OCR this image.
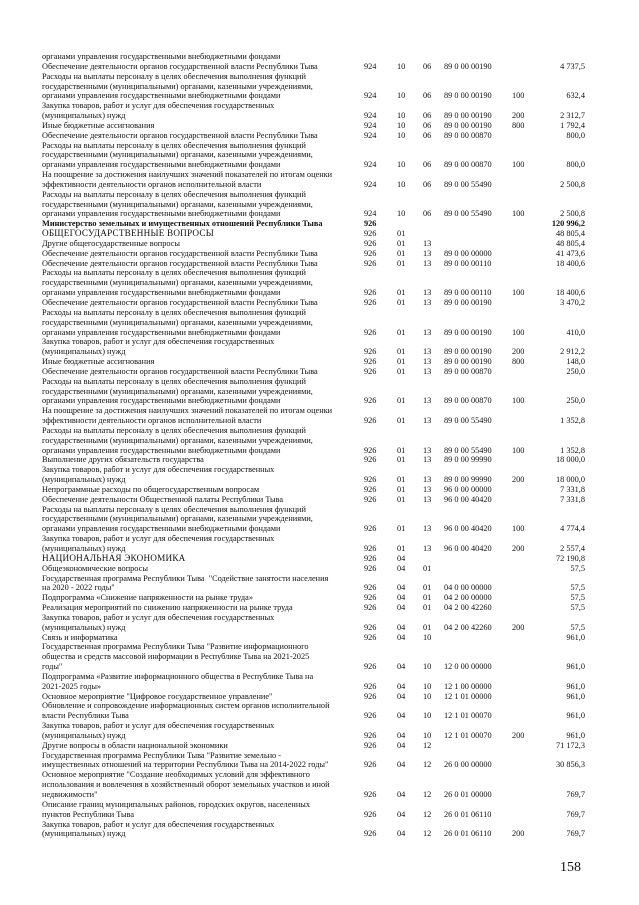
органами управления государственными внебюджетными фондами
Обеспечение деятельности органов государственной власти Республики Тыва	924 10 06 89 0 00 00190	4 737,5
Расходы на выплаты персоналу в целях обеспечения выполнения функций
государственными (муниципальными) органами, казенными учреждениями,
органами управления государственными внебюджетными фондами	924 10 06 89 0 00 00190 100	632,4
Закупка товаров, работ и услуг для обеспечения государственных
(муниципальных) нужд	924 10 06 89 0 00 00190 200	2 312,7
Иные бюджетные ассигнования	924 10 06 89 0 00 00190 800	1 792,4
Обеспечение деятельности органов государственной власти Республики Тыва	924 10 06 89 0 00 00870	800,0
Расходы на выплаты персоналу в целях обеспечения выполнения функций
государственными (муниципальными) органами, казенными учреждениями,
органами управления государственными внебюджетными фондами	924 10 06 89 0 00 00870 100	800,0
На поощрение за достижения наилучших значений показателей по итогам оценки
эффективности деятельности органов исполнительной власти	924 10 06 89 0 00 55490	2 500,8
Расходы на выплаты персоналу в целях обеспечения выполнения функций
государственными (муниципальными) органами, казенными учреждениями,
органами управления государственными внебюджетными фондами	924 10 06 89 0 00 55490 100	2 500,8
Министерство земельных и имущественных отношений Республики Тыва	926	120 996,2
ОБЩЕГОСУДАРСТВЕННЫЕ ВОПРОСЫ	926 01	48 805,4
Другие общегосударственные вопросы	926 01 13	48 805,4
Обеспечение деятельности органов государственной власти Республики Тыва	926 01 13 89 0 00 00000	41 473,6
Обеспечение деятельности органов государственной власти Республики Тыва	926 01 13 89 0 00 00110	18 400,6
Расходы на выплаты персоналу в целях обеспечения выполнения функций
государственными (муниципальными) органами, казенными учреждениями,
органами управления государственными внебюджетными фондами	926 01 13 89 0 00 00110 100	18 400,6
Обеспечение деятельности органов государственной власти Республики Тыва	926 01 13 89 0 00 00190	3 470,2
Расходы на выплаты персоналу в целях обеспечения выполнения функций
государственными (муниципальными) органами, казенными учреждениями,
органами управления государственными внебюджетными фондами	926 01 13 89 0 00 00190 100	410,0
Закупка товаров, работ и услуг для обеспечения государственных
(муниципальных) нужд	926 01 13 89 0 00 00190 200	2 912,2
Иные бюджетные ассигнования	926 01 13 89 0 00 00190 800	148,0
Обеспечение деятельности органов государственной власти Республики Тыва	926 01 13 89 0 00 00870	250,0
Расходы на выплаты персоналу в целях обеспечения выполнения функций
государственными (муниципальными) органами, казенными учреждениями,
органами управления государственными внебюджетными фондами	926 01 13 89 0 00 00870 100	250,0
На поощрение за достижения наилучших значений показателей по итогам оценки
эффективности деятельности органов исполнительной власти	926 01 13 89 0 00 55490	1 352,8
Расходы на выплаты персоналу в целях обеспечения выполнения функций
государственными (муниципальными) органами, казенными учреждениями,
органами управления государственными внебюджетными фондами	926 01 13 89 0 00 55490 100	1 352,8
Выполнение других обязательств государства	926 01 13 89 0 00 99990	18 000,0
Закупка товаров, работ и услуг для обеспечения государственных
(муниципальных) нужд	926 01 13 89 0 00 99990 200	18 000,0
Непрограммные расходы по общегосударственным вопросам	926 01 13 96 0 00 00000	7 331,8
Обеспечение деятельности Общественной палаты Республики Тыва	926 01 13 96 0 00 40420	7 331,8
Расходы на выплаты персоналу в целях обеспечения выполнения функций
государственными (муниципальными) органами, казенными учреждениями,
органами управления государственными внебюджетными фондами	926 01 13 96 0 00 40420 100	4 774,4
Закупка товаров, работ и услуг для обеспечения государственных
(муниципальных) нужд	926 01 13 96 0 00 40420 200	2 557,4
НАЦИОНАЛЬНАЯ ЭКОНОМИКА	926 04	72 190,8
Общеэкономические вопросы	926 04 01	57,5
Государственная программа Республики Тыва  "Содействие занятости населения
на 2020 - 2022 годы"	926 04 01 04 0 00 00000	57,5
Подпрограмма «Снижение напряженности на рынке труда»	926 04 01 04 2 00 00000	57,5
Реализация мероприятий по снижению напряженности на рынке труда	926 04 01 04 2 00 42260	57,5
Закупка товаров, работ и услуг для обеспечения государственных
(муниципальных) нужд	926 04 01 04 2 00 42260 200	57,5
Связь и информатика	926 04 10	961,0
Государственная программа Республики Тыва "Развитие информационного
общества и средств массовой информации в Республике Тыва на 2021-2025
годы"	926 04 10 12 0 00 00000	961,0
Подпрограмма «Развитие информационного общества в Республике Тыва на
2021-2025 годы»	926 04 10 12 1 00 00000	961,0
Основное мероприятие "Цифровое государственное управление"	926 04 10 12 1 01 00000	961,0
Обновление и сопровождение информационных систем органов исполнительной
власти Республики Тыва	926 04 10 12 1 01 00070	961,0
Закупка товаров, работ и услуг для обеспечения государственных
(муниципальных) нужд	926 04 10 12 1 01 00070 200	961,0
Другие вопросы в области национальной экономики	926 04 12	71 172,3
Государственная программа Республики Тыва "Развитие земельно -
имущественных отношений на территории Республики Тыва на 2014-2022 годы"	926 04 12 26 0 00 00000	30 856,3
Основное мероприятие "Создание необходимых условий для эффективного
использования и вовлечения в хозяйственный оборот земельных участков и иной
недвижимости"	926 04 12 26 0 01 00000	769,7
Описание границ муниципальных районов, городских округов, населенных
пунктов Республики Тыва	926 04 12 26 0 01 06110	769,7
Закупка товаров, работ и услуг для обеспечения государственных
(муниципальных) нужд	926 04 12 26 0 01 06110 200	769,7
158
